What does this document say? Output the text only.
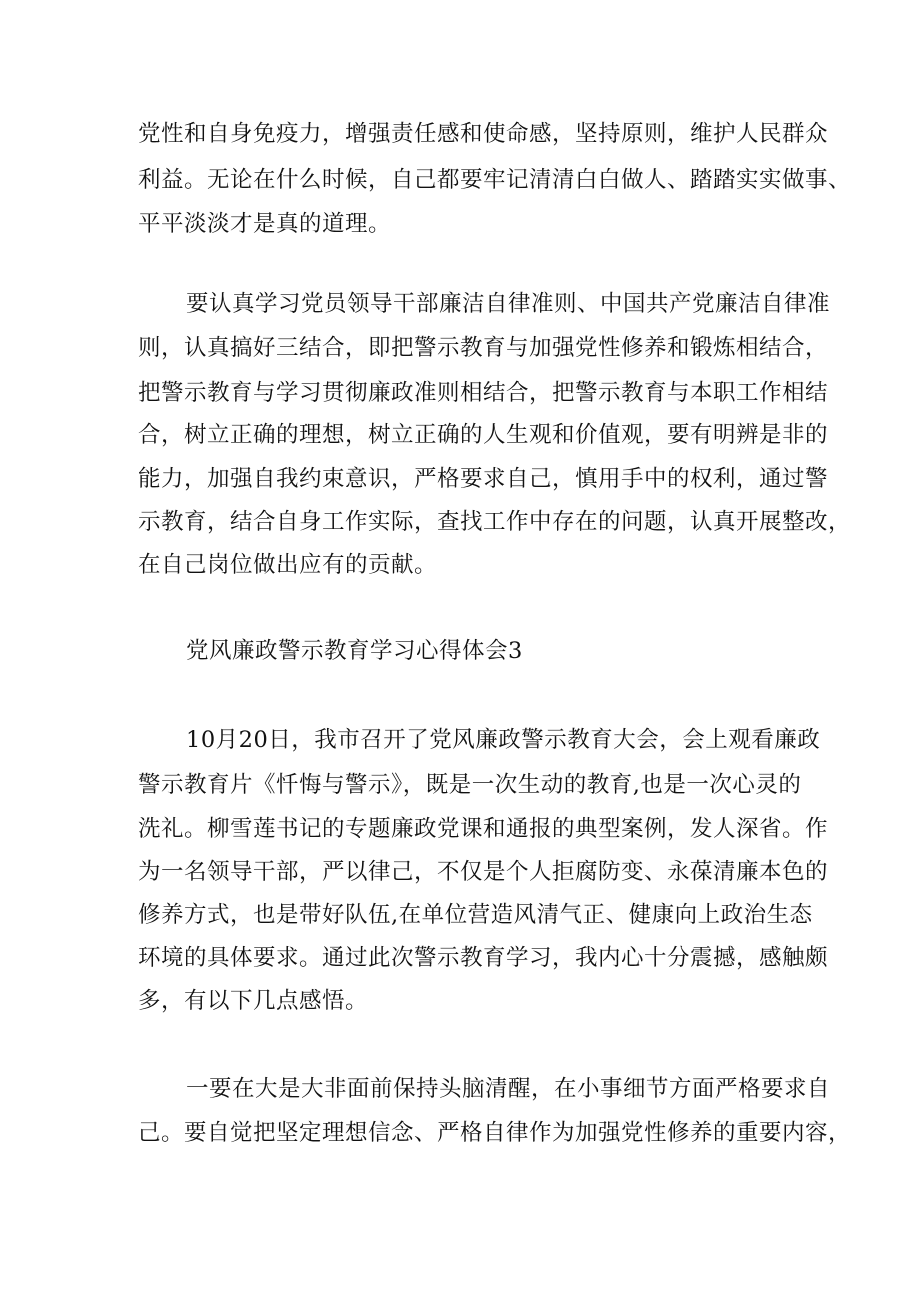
党性和自身免疫力，增强责任感和使命感，坚持原则，维护人民群众
利益。无论在什么时候，自己都要牢记清清白白做人、踏踏实实做事、
平平淡淡才是真的道理。
要认真学习党员领导干部廉洁自律准则、中国共产党廉洁自律准
则，认真搞好三结合，即把警示教育与加强党性修养和锻炼相结合，
把警示教育与学习贯彻廉政准则相结合，把警示教育与本职工作相结
合，树立正确的理想，树立正确的人生观和价值观，要有明辨是非的
能力，加强自我约束意识，严格要求自己，慎用手中的权利，通过警
示教育，结合自身工作实际，查找工作中存在的问题，认真开展整改，
在自己岗位做出应有的贡献。
党风廉政警示教育学习心得体会3
10月20日，我市召开了党风廉政警示教育大会，会上观看廉政
警示教育片《忏悔与警示》，既是一次生动的教育,也是一次心灵的
洗礼。柳雪莲书记的专题廉政党课和通报的典型案例，发人深省。作
为一名领导干部，严以律己，不仅是个人拒腐防变、永葆清廉本色的
修养方式，也是带好队伍,在单位营造风清气正、健康向上政治生态
环境的具体要求。通过此次警示教育学习，我内心十分震撼，感触颇
多，有以下几点感悟。
一要在大是大非面前保持头脑清醒，在小事细节方面严格要求自
己。要自觉把坚定理想信念、严格自律作为加强党性修养的重要内容，
